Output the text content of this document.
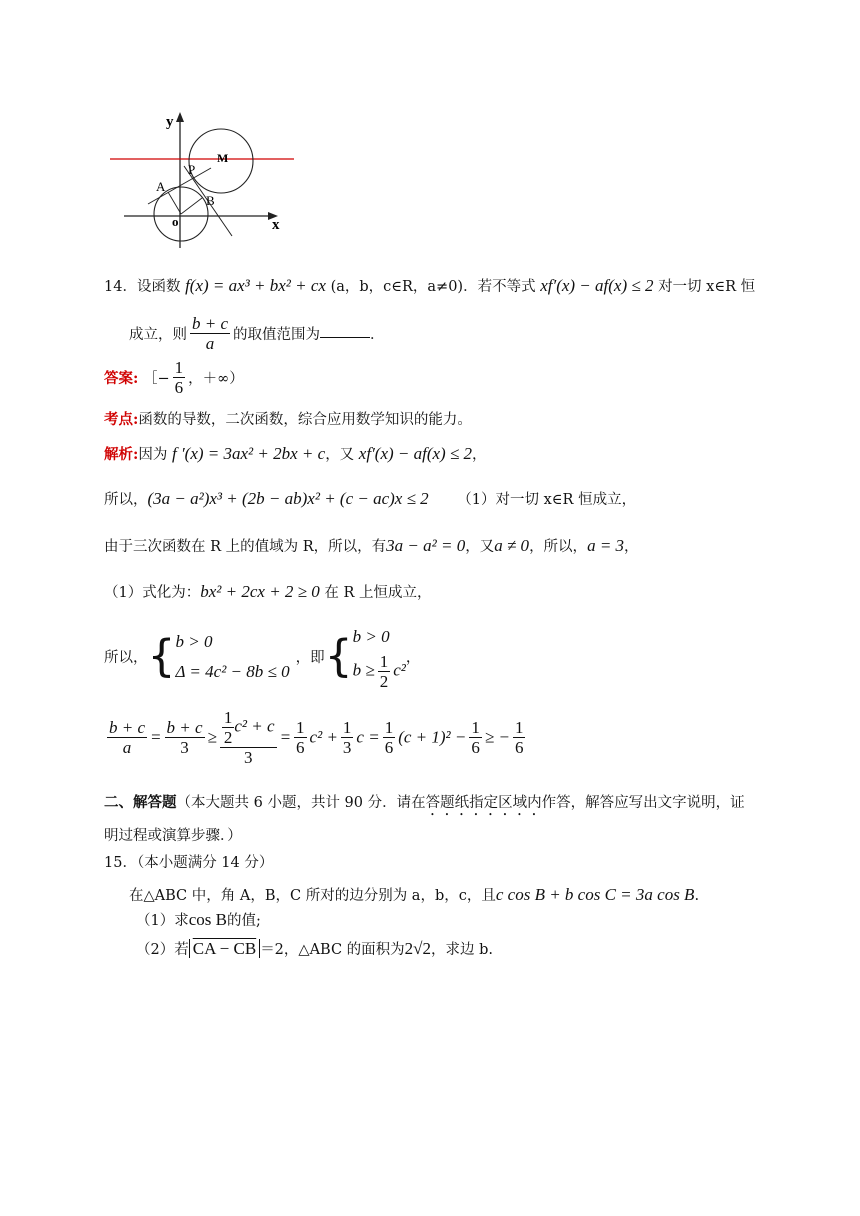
y
x
o
M
P
A
B
14．设函数 f(x) = ax³ + bx² + cx (a，b，c∈R，a≠0)．若不等式 xf′(x) − af(x) ≤ 2 对一切 x∈R 恒
成立，则 $\frac{b + c}{a}$ 的取值范围为	．
答案: ［− $\frac{1}{6}$ ，＋∞）
考点:函数的导数，二次函数，综合应用数学知识的能力。
解析:因为 f ′(x) = 3ax² + 2bx + c，又 xf′(x) − af(x) ≤ 2，
所以，(3a − a²)x³ + (2b − ab)x² + (c − ac)x ≤ 2 （1）对一切 x∈R 恒成立，
由于三次函数在 R 上的值域为 R，所以，有3a − a² = 0，又a ≠ 0，所以，a = 3，
（1）式化为：bx² + 2cx + 2 ≥ 0 在 R 上恒成立，
所以，{ b > 0
Δ = 4c² − 8b ≤ 0
，即{ b > 0
$b \ge \frac{1}{2} c^2$
，
$\frac{b + c}{a} = \frac{b + c}{3} \ge \frac{\frac{1}{2} c^2 + c}{3} = \frac{1}{6} c^2 + \frac{1}{3}$ $c = \frac{1}{6} (c + 1)^2 - \frac{1}{6}$ ≥ − $\frac{1}{6}$
二、解答题（本大题共 6 小题，共计 90 分．请在答题纸指定区域内作答，解答应写出文字说明，证
明过程或演算步骤．）
15．（本小题满分 14 分）
在△ABC 中，角 A，B，C 所对的边分别为 a，b，c，且c cos B + b cos C = 3a cos B.
（1）求cos B的值;
（2）若 CA − CB ＝2，△ABC 的面积为2√2，求边 b.
